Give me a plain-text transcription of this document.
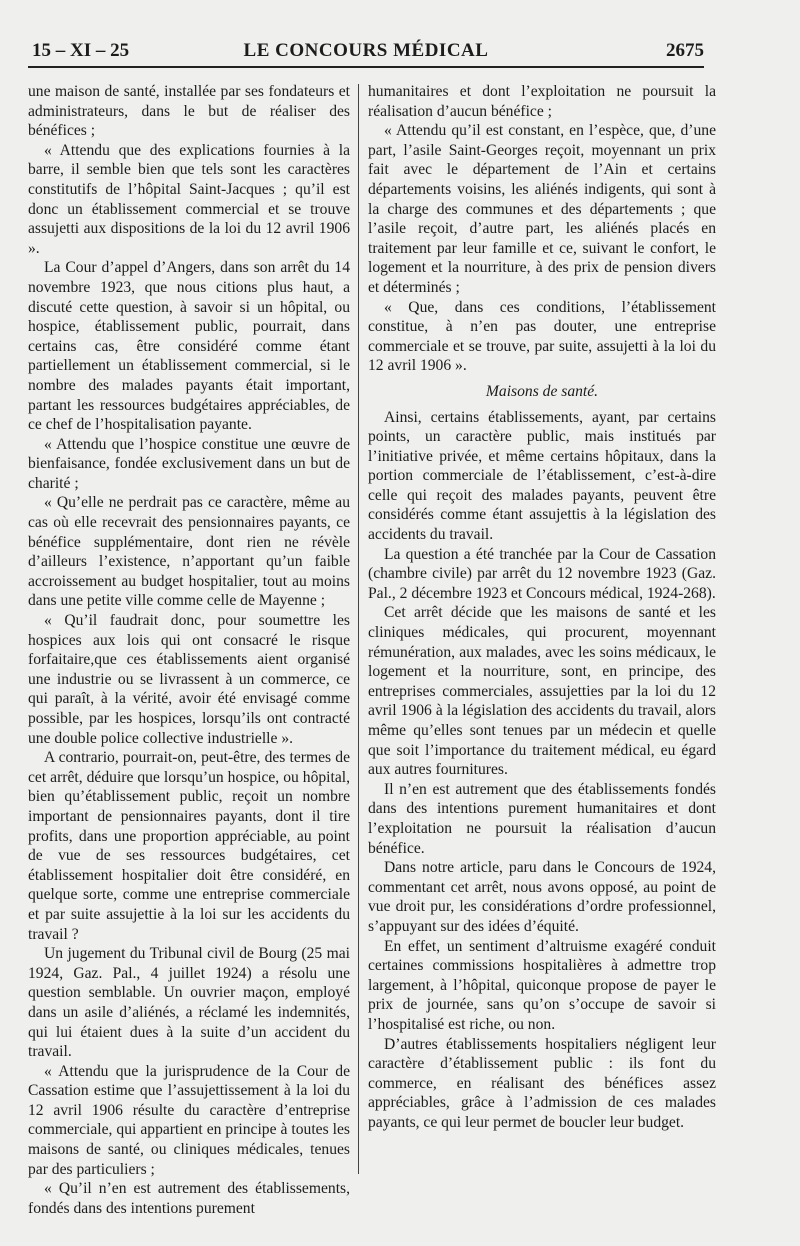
15 – XI – 25	LE CONCOURS MÉDICAL	2675

une maison de santé, installée par ses fondateurs et administrateurs, dans le but de réaliser des bénéfices ;

« Attendu que des explications fournies à la barre, il semble bien que tels sont les caractères constitutifs de l’hôpital Saint-Jacques ; qu’il est donc un établissement commercial et se trouve assujetti aux dispositions de la loi du 12 avril 1906 ».

La Cour d’appel d’Angers, dans son arrêt du 14 novembre 1923, que nous citions plus haut, a discuté cette question, à savoir si un hôpital, ou hospice, établissement public, pourrait, dans certains cas, être considéré comme étant partiellement un établissement commercial, si le nombre des malades payants était important, partant les ressources budgétaires appréciables, de ce chef de l’hospitalisation payante.

« Attendu que l’hospice constitue une œuvre de bienfaisance, fondée exclusivement dans un but de charité ;

« Qu’elle ne perdrait pas ce caractère, même au cas où elle recevrait des pensionnaires payants, ce bénéfice supplémentaire, dont rien ne révèle d’ailleurs l’existence, n’apportant qu’un faible accroissement au budget hospitalier, tout au moins dans une petite ville comme celle de Mayenne ;

« Qu’il faudrait donc, pour soumettre les hospices aux lois qui ont consacré le risque forfaitaire,que ces établissements aient organisé une industrie ou se livrassent à un commerce, ce qui paraît, à la vérité, avoir été envisagé comme possible, par les hospices, lorsqu’ils ont contracté une double police collective industrielle ».

A contrario, pourrait-on, peut-être, des termes de cet arrêt, déduire que lorsqu’un hospice, ou hôpital, bien qu’établissement public, reçoit un nombre important de pensionnaires payants, dont il tire profits, dans une proportion appréciable, au point de vue de ses ressources budgétaires, cet établissement hospitalier doit être considéré, en quelque sorte, comme une entreprise commerciale et par suite assujettie à la loi sur les accidents du travail ?

Un jugement du Tribunal civil de Bourg (25 mai 1924, Gaz. Pal., 4 juillet 1924) a résolu une question semblable. Un ouvrier maçon, employé dans un asile d’aliénés, a réclamé les indemnités, qui lui étaient dues à la suite d’un accident du travail.

« Attendu que la jurisprudence de la Cour de Cassation estime que l’assujettissement à la loi du 12 avril 1906 résulte du caractère d’entreprise commerciale, qui appartient en principe à toutes les maisons de santé, ou cliniques médicales, tenues par des particuliers ;

« Qu’il n’en est autrement des établissements, fondés dans des intentions purement

humanitaires et dont l’exploitation ne poursuit la réalisation d’aucun bénéfice ;

« Attendu qu’il est constant, en l’espèce, que, d’une part, l’asile Saint-Georges reçoit, moyennant un prix fait avec le département de l’Ain et certains départements voisins, les aliénés indigents, qui sont à la charge des communes et des départements ; que l’asile reçoit, d’autre part, les aliénés placés en traitement par leur famille et ce, suivant le confort, le logement et la nourriture, à des prix de pension divers et déterminés ;

« Que, dans ces conditions, l’établissement constitue, à n’en pas douter, une entreprise commerciale et se trouve, par suite, assujetti à la loi du 12 avril 1906 ».

Maisons de santé.

Ainsi, certains établissements, ayant, par certains points, un caractère public, mais institués par l’initiative privée, et même certains hôpitaux, dans la portion commerciale de l’établissement, c’est-à-dire celle qui reçoit des malades payants, peuvent être considérés comme étant assujettis à la législation des accidents du travail.

La question a été tranchée par la Cour de Cassation (chambre civile) par arrêt du 12 novembre 1923 (Gaz. Pal., 2 décembre 1923 et Concours médical, 1924-268).

Cet arrêt décide que les maisons de santé et les cliniques médicales, qui procurent, moyennant rémunération, aux malades, avec les soins médicaux, le logement et la nourriture, sont, en principe, des entreprises commerciales, assujetties par la loi du 12 avril 1906 à la législation des accidents du travail, alors même qu’elles sont tenues par un médecin et quelle que soit l’importance du traitement médical, eu égard aux autres fournitures.

Il n’en est autrement que des établissements fondés dans des intentions purement humanitaires et dont l’exploitation ne poursuit la réalisation d’aucun bénéfice.

Dans notre article, paru dans le Concours de 1924, commentant cet arrêt, nous avons opposé, au point de vue droit pur, les considérations d’ordre professionnel, s’appuyant sur des idées d’équité.

En effet, un sentiment d’altruisme exagéré conduit certaines commissions hospitalières à admettre trop largement, à l’hôpital, quiconque propose de payer le prix de journée, sans qu’on s’occupe de savoir si l’hospitalisé est riche, ou non.

D’autres établissements hospitaliers négligent leur caractère d’établissement public : ils font du commerce, en réalisant des bénéfices assez appréciables, grâce à l’admission de ces malades payants, ce qui leur permet de boucler leur budget.
